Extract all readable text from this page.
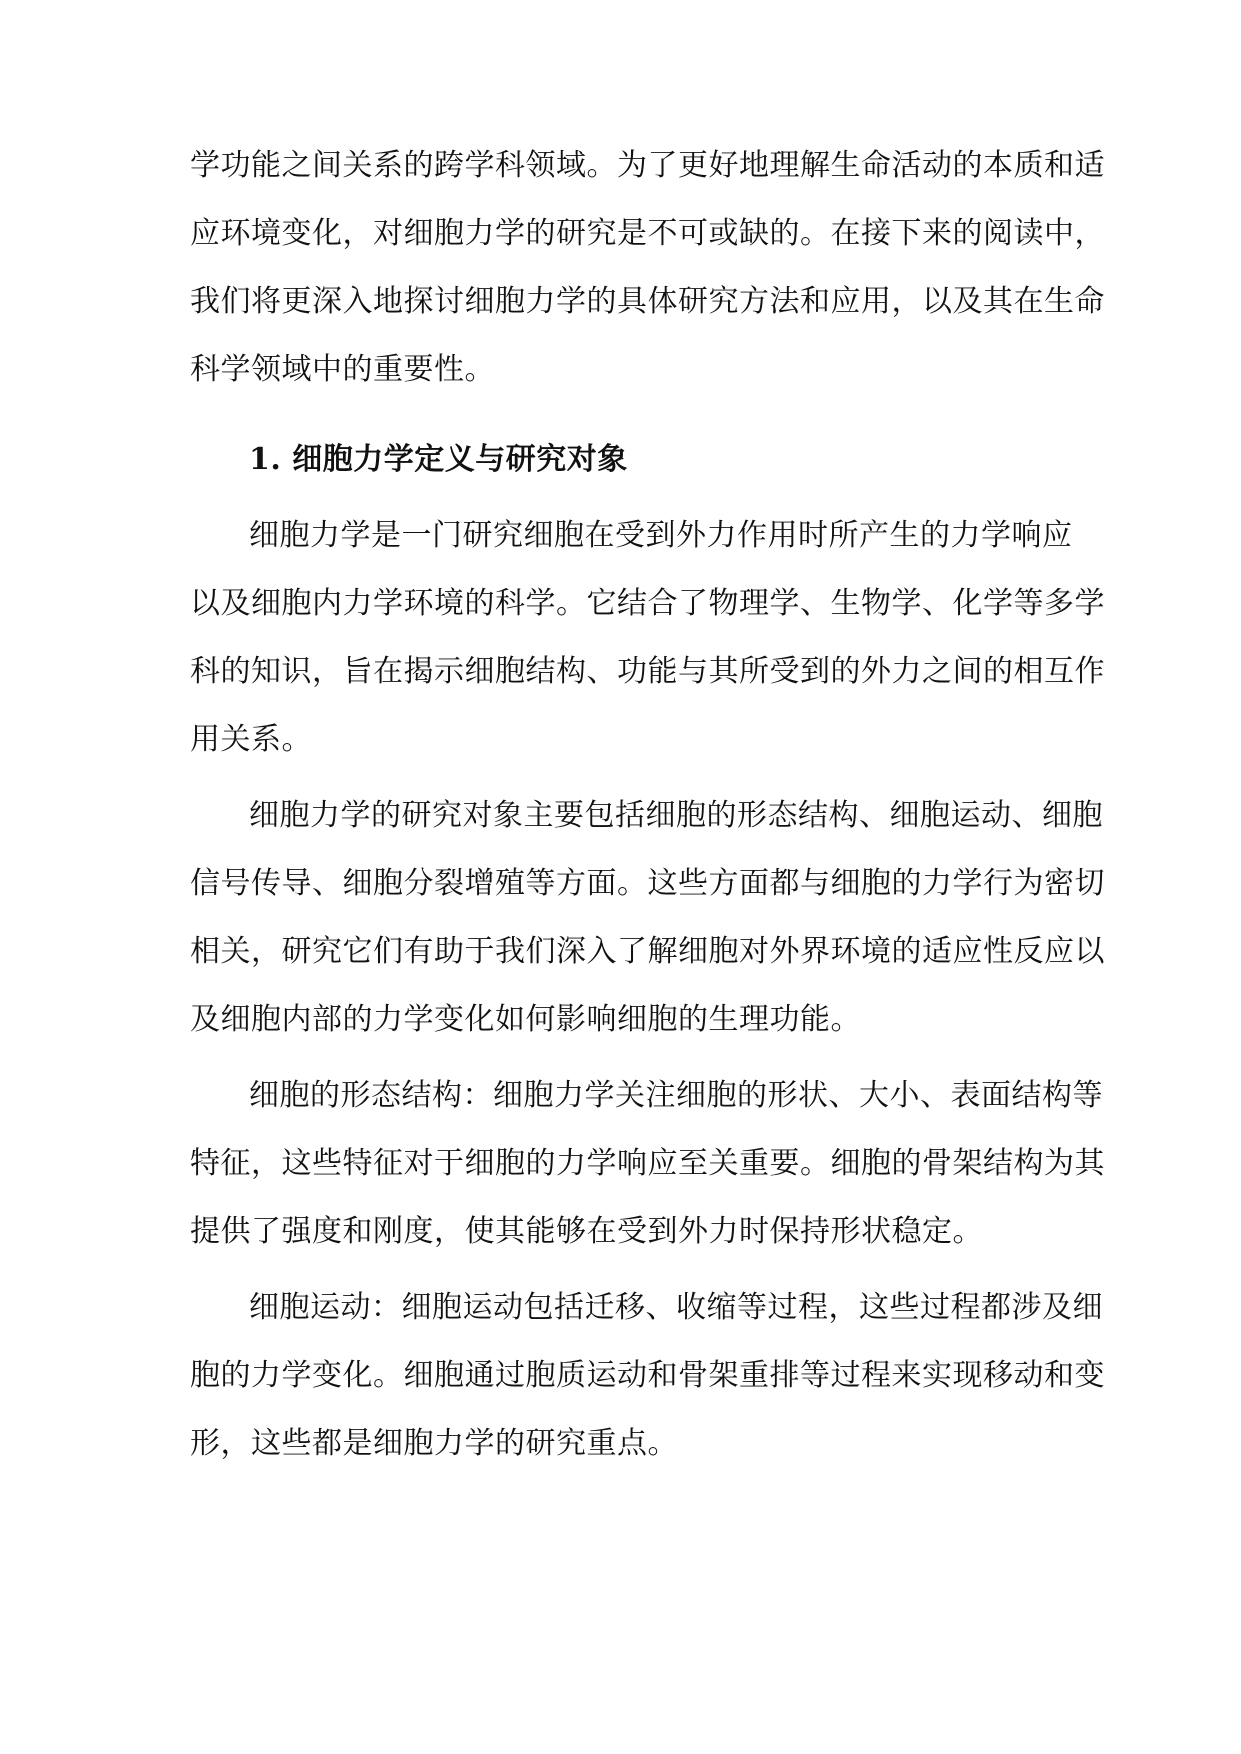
学功能之间关系的跨学科领域。为了更好地理解生命活动的本质和适
应环境变化，对细胞力学的研究是不可或缺的。在接下来的阅读中，
我们将更深入地探讨细胞力学的具体研究方法和应用，以及其在生命
科学领域中的重要性。
1. 细胞力学定义与研究对象
细胞力学是一门研究细胞在受到外力作用时所产生的力学响应
以及细胞内力学环境的科学。它结合了物理学、生物学、化学等多学
科的知识，旨在揭示细胞结构、功能与其所受到的外力之间的相互作
用关系。
细胞力学的研究对象主要包括细胞的形态结构、细胞运动、细胞
信号传导、细胞分裂增殖等方面。这些方面都与细胞的力学行为密切
相关，研究它们有助于我们深入了解细胞对外界环境的适应性反应以
及细胞内部的力学变化如何影响细胞的生理功能。
细胞的形态结构：细胞力学关注细胞的形状、大小、表面结构等
特征，这些特征对于细胞的力学响应至关重要。细胞的骨架结构为其
提供了强度和刚度，使其能够在受到外力时保持形状稳定。
细胞运动：细胞运动包括迁移、收缩等过程，这些过程都涉及细
胞的力学变化。细胞通过胞质运动和骨架重排等过程来实现移动和变
形，这些都是细胞力学的研究重点。
